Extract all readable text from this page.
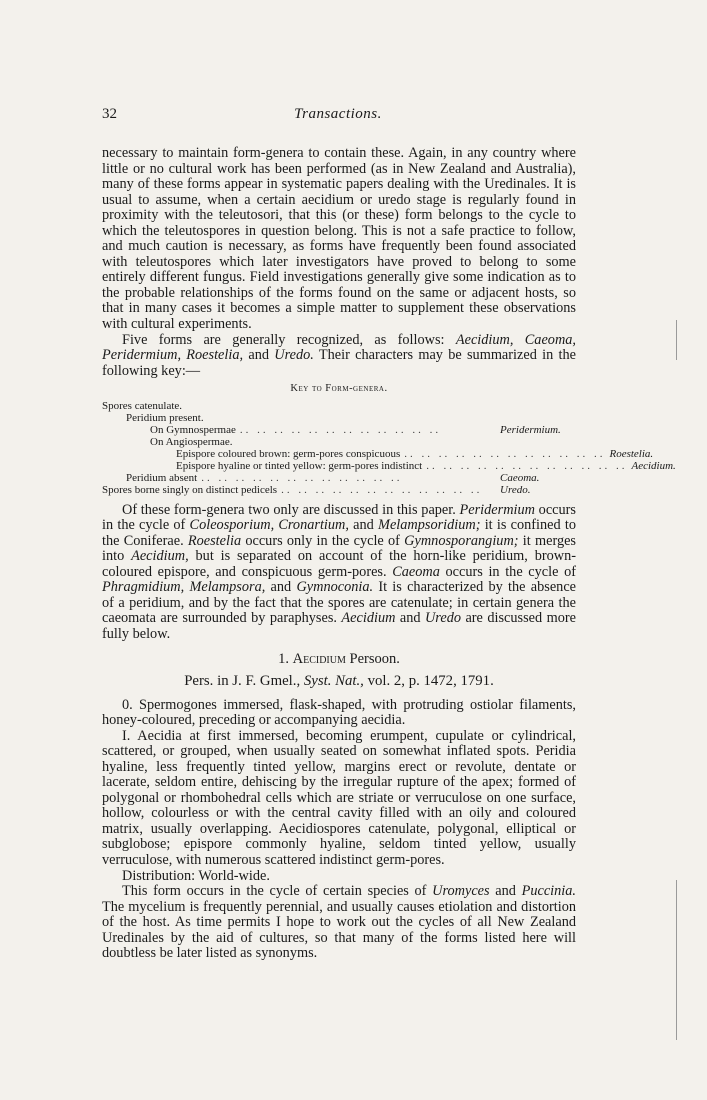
32	Transactions.

necessary to maintain form-genera to contain these. Again, in any country where little or no cultural work has been performed (as in New Zealand and Australia), many of these forms appear in systematic papers dealing with the Uredinales. It is usual to assume, when a certain aecidium or uredo stage is regularly found in proximity with the teleutosori, that this (or these) form belongs to the cycle to which the teleutospores in question belong. This is not a safe practice to follow, and much caution is necessary, as forms have frequently been found associated with teleutospores which later investigators have proved to belong to some entirely different fungus. Field investigations generally give some indication as to the probable relationships of the forms found on the same or adjacent hosts, so that in many cases it becomes a simple matter to supplement these observations with cultural experiments.

Five forms are generally recognized, as follows: Aecidium, Caeoma, Peridermium, Roestelia, and Uredo. Their characters may be summarized in the following key:—

Key to Form-genera.
Spores catenulate.
Peridium present.
On Gymnospermae .. .. .. .. .. .. .. .. .. .. .. ..	Peridermium.
On Angiospermae.
Epispore coloured brown: germ-pores conspicuous .. .. .. .. .. .. .. .. .. .. .. .. Roestelia.
Epispore hyaline or tinted yellow: germ-pores indistinct .. .. .. .. .. .. .. .. .. .. .. .. Aecidium.
Peridium absent .. .. .. .. .. .. .. .. .. .. .. ..	Caeoma.
Spores borne singly on distinct pedicels .. .. .. .. .. .. .. .. .. .. .. ..	Uredo.

Of these form-genera two only are discussed in this paper. Peridermium occurs in the cycle of Coleosporium, Cronartium, and Melampsoridium; it is confined to the Coniferae. Roestelia occurs only in the cycle of Gymnosporangium; it merges into Aecidium, but is separated on account of the horn-like peridium, brown-coloured epispore, and conspicuous germ-pores. Caeoma occurs in the cycle of Phragmidium, Melampsora, and Gymnoconia. It is characterized by the absence of a peridium, and by the fact that the spores are catenulate; in certain genera the caeomata are surrounded by paraphyses. Aecidium and Uredo are discussed more fully below.

1. Aecidium Persoon.
Pers. in J. F. Gmel., Syst. Nat., vol. 2, p. 1472, 1791.

0. Spermogones immersed, flask-shaped, with protruding ostiolar filaments, honey-coloured, preceding or accompanying aecidia.

I. Aecidia at first immersed, becoming erumpent, cupulate or cylindrical, scattered, or grouped, when usually seated on somewhat inflated spots. Peridia hyaline, less frequently tinted yellow, margins erect or revolute, dentate or lacerate, seldom entire, dehiscing by the irregular rupture of the apex; formed of polygonal or rhombohedral cells which are striate or verruculose on one surface, hollow, colourless or with the central cavity filled with an oily and coloured matrix, usually overlapping. Aecidiospores catenulate, polygonal, elliptical or subglobose; epispore commonly hyaline, seldom tinted yellow, usually verruculose, with numerous scattered indistinct germ-pores.

Distribution: World-wide.

This form occurs in the cycle of certain species of Uromyces and Puccinia. The mycelium is frequently perennial, and usually causes etiolation and distortion of the host. As time permits I hope to work out the cycles of all New Zealand Uredinales by the aid of cultures, so that many of the forms listed here will doubtless be later listed as synonyms.
